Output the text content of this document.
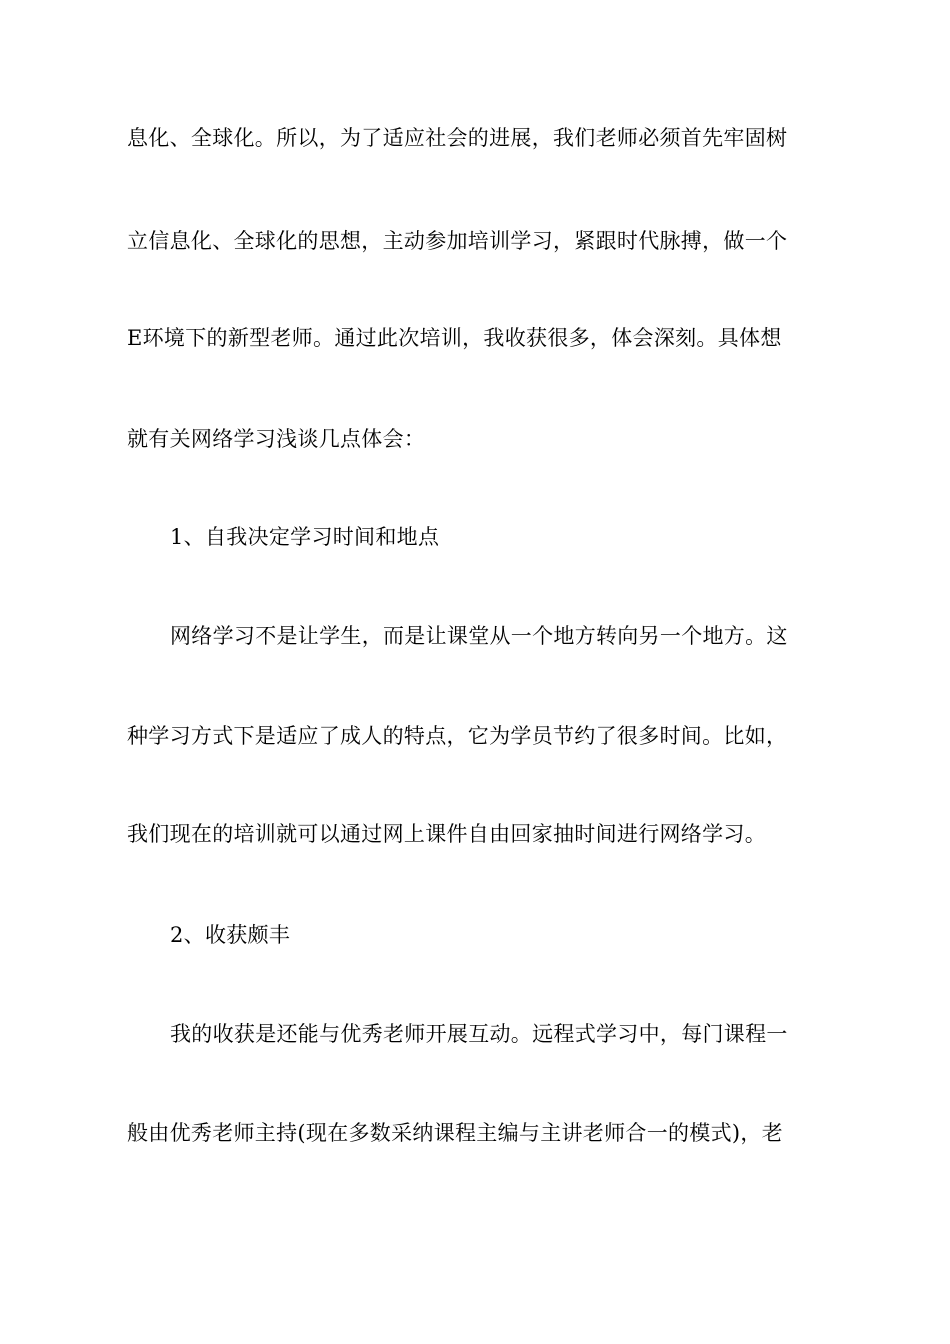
息化、全球化。所以，为了适应社会的进展，我们老师必须首先牢固树
立信息化、全球化的思想，主动参加培训学习，紧跟时代脉搏，做一个
E环境下的新型老师。通过此次培训，我收获很多，体会深刻。具体想
就有关网络学习浅谈几点体会：
1、自我决定学习时间和地点
网络学习不是让学生，而是让课堂从一个地方转向另一个地方。这
种学习方式下是适应了成人的特点，它为学员节约了很多时间。比如，
我们现在的培训就可以通过网上课件自由回家抽时间进行网络学习。
2、收获颇丰
我的收获是还能与优秀老师开展互动。远程式学习中，每门课程一
般由优秀老师主持(现在多数采纳课程主编与主讲老师合一的模式)，老
